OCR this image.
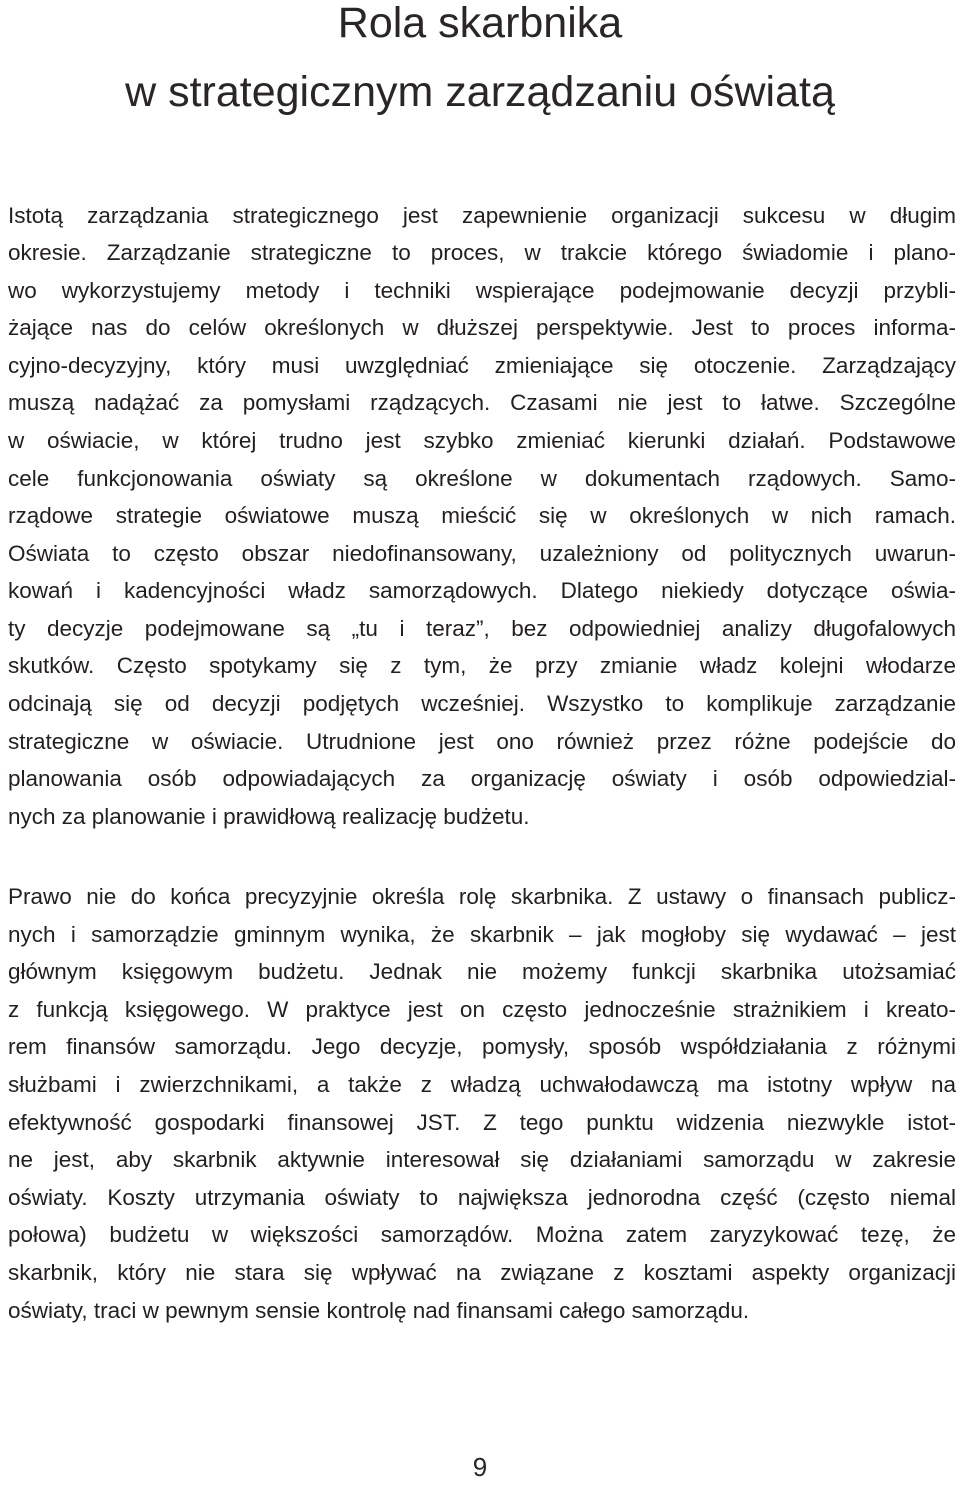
Rola skarbnika
w strategicznym zarządzaniu oświatą
Istotą zarządzania strategicznego jest zapewnienie organizacji sukcesu w długim
okresie. Zarządzanie strategiczne to proces, w trakcie którego świadomie i plano-
wo wykorzystujemy metody i techniki wspierające podejmowanie decyzji przybli-
żające nas do celów określonych w dłuższej perspektywie. Jest to proces informa-
cyjno-decyzyjny, który musi uwzględniać zmieniające się otoczenie. Zarządzający
muszą nadążać za pomysłami rządzących. Czasami nie jest to łatwe. Szczególne
w oświacie, w której trudno jest szybko zmieniać kierunki działań. Podstawowe
cele funkcjonowania oświaty są określone w dokumentach rządowych. Samo-
rządowe strategie oświatowe muszą mieścić się w określonych w nich ramach.
Oświata to często obszar niedofinansowany, uzależniony od politycznych uwarun-
kowań i kadencyjności władz samorządowych. Dlatego niekiedy dotyczące oświa-
ty decyzje podejmowane są „tu i teraz”, bez odpowiedniej analizy długofalowych
skutków. Często spotykamy się z tym, że przy zmianie władz kolejni włodarze
odcinają się od decyzji podjętych wcześniej. Wszystko to komplikuje zarządzanie
strategiczne w oświacie. Utrudnione jest ono również przez różne podejście do
planowania osób odpowiadających za organizację oświaty i osób odpowiedzial-
nych za planowanie i prawidłową realizację budżetu.
Prawo nie do końca precyzyjnie określa rolę skarbnika. Z ustawy o finansach publicz-
nych i samorządzie gminnym wynika, że skarbnik – jak mogłoby się wydawać – jest
głównym księgowym budżetu. Jednak nie możemy funkcji skarbnika utożsamiać
z funkcją księgowego. W praktyce jest on często jednocześnie strażnikiem i kreato-
rem finansów samorządu. Jego decyzje, pomysły, sposób współdziałania z różnymi
służbami i zwierzchnikami, a także z władzą uchwałodawczą ma istotny wpływ na
efektywność gospodarki finansowej JST. Z tego punktu widzenia niezwykle istot-
ne jest, aby skarbnik aktywnie interesował się działaniami samorządu w zakresie
oświaty. Koszty utrzymania oświaty to największa jednorodna część (często niemal
połowa) budżetu w większości samorządów. Można zatem zaryzykować tezę, że
skarbnik, który nie stara się wpływać na związane z kosztami aspekty organizacji
oświaty, traci w pewnym sensie kontrolę nad finansami całego samorządu.
9
